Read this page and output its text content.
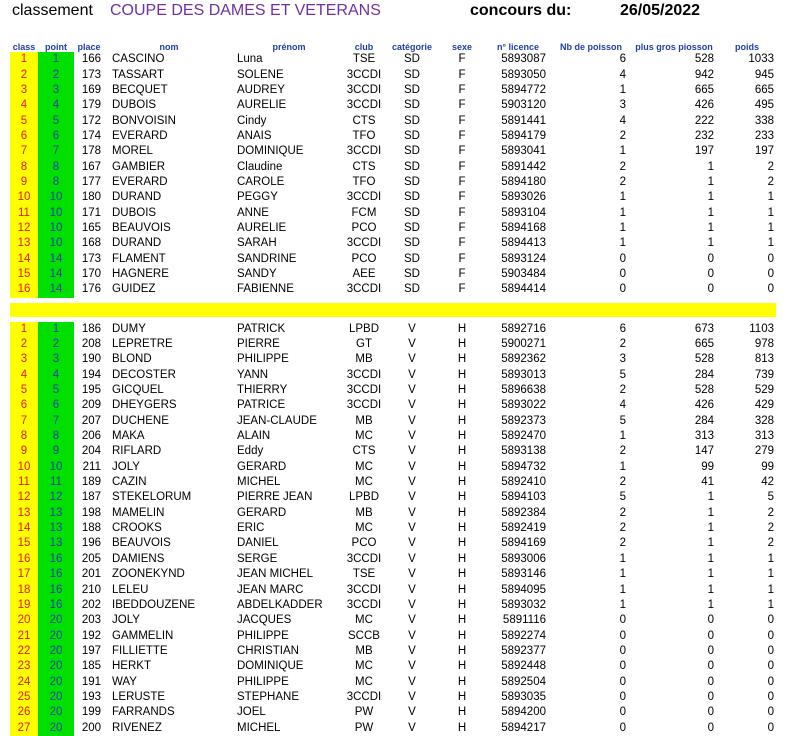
classement COUPE DES DAMES ET VETERANS	concours du:	26/05/2022
class	point	place	nom	prénom	club	catégorie	sexe	n° licence	Nb de poisson	plus gros piosson	poids
1	1	166	CASCINO	Luna	TSE	SD	F	5893087	6	528	1033
2	2	173	TASSART	SOLENE	3CCDI	SD	F	5893050	4	942	945
3	3	169	BECQUET	AUDREY	3CCDI	SD	F	5894772	1	665	665
4	4	179	DUBOIS	AURELIE	3CCDI	SD	F	5903120	3	426	495
5	5	172	BONVOISIN	Cindy	CTS	SD	F	5891441	4	222	338
6	6	174	EVERARD	ANAIS	TFO	SD	F	5894179	2	232	233
7	7	178	MOREL	DOMINIQUE	3CCDI	SD	F	5893041	1	197	197
8	8	167	GAMBIER	Claudine	CTS	SD	F	5891442	2	1	2
9	8	177	EVERARD	CAROLE	TFO	SD	F	5894180	2	1	2
10	10	180	DURAND	PEGGY	3CCDI	SD	F	5893026	1	1	1
11	10	171	DUBOIS	ANNE	FCM	SD	F	5893104	1	1	1
12	10	165	BEAUVOIS	AURELIE	PCO	SD	F	5894168	1	1	1
13	10	168	DURAND	SARAH	3CCDI	SD	F	5894413	1	1	1
14	14	173	FLAMENT	SANDRINE	PCO	SD	F	5893124	0	0	0
15	14	170	HAGNERE	SANDY	AEE	SD	F	5903484	0	0	0
16	14	176	GUIDEZ	FABIENNE	3CCDI	SD	F	5894414	0	0	0

1	1	186	DUMY	PATRICK	LPBD	V	H	5892716	6	673	1103
2	2	208	LEPRETRE	PIERRE	GT	V	H	5900271	2	665	978
3	3	190	BLOND	PHILIPPE	MB	V	H	5892362	3	528	813
4	4	194	DECOSTER	YANN	3CCDI	V	H	5893013	5	284	739
5	5	195	GICQUEL	THIERRY	3CCDI	V	H	5896638	2	528	529
6	6	209	DHEYGERS	PATRICE	3CCDI	V	H	5893022	4	426	429
7	7	207	DUCHENE	JEAN-CLAUDE	MB	V	H	5892373	5	284	328
8	8	206	MAKA	ALAIN	MC	V	H	5892470	1	313	313
9	9	204	RIFLARD	Eddy	CTS	V	H	5893138	2	147	279
10	10	211	JOLY	GERARD	MC	V	H	5894732	1	99	99
11	11	189	CAZIN	MICHEL	MC	V	H	5892410	2	41	42
12	12	187	STEKELORUM	PIERRE JEAN	LPBD	V	H	5894103	5	1	5
13	13	198	MAMELIN	GERARD	MB	V	H	5892384	2	1	2
14	13	188	CROOKS	ERIC	MC	V	H	5892419	2	1	2
15	13	196	BEAUVOIS	DANIEL	PCO	V	H	5894169	2	1	2
16	16	205	DAMIENS	SERGE	3CCDI	V	H	5893006	1	1	1
17	16	201	ZOONEKYND	JEAN MICHEL	TSE	V	H	5893146	1	1	1
18	16	210	LELEU	JEAN MARC	3CCDI	V	H	5894095	1	1	1
19	16	202	IBEDDOUZENE	ABDELKADDER	3CCDI	V	H	5893032	1	1	1
20	20	203	JOLY	JACQUES	MC	V	H	5891116	0	0	0
21	20	192	GAMMELIN	PHILIPPE	SCCB	V	H	5892274	0	0	0
22	20	197	FILLIETTE	CHRISTIAN	MB	V	H	5892377	0	0	0
23	20	185	HERKT	DOMINIQUE	MC	V	H	5892448	0	0	0
24	20	191	WAY	PHILIPPE	MC	V	H	5892504	0	0	0
25	20	193	LERUSTE	STEPHANE	3CCDI	V	H	5893035	0	0	0
26	20	199	FARRANDS	JOEL	PW	V	H	5894200	0	0	0
27	20	200	RIVENEZ	MICHEL	PW	V	H	5894217	0	0	0
